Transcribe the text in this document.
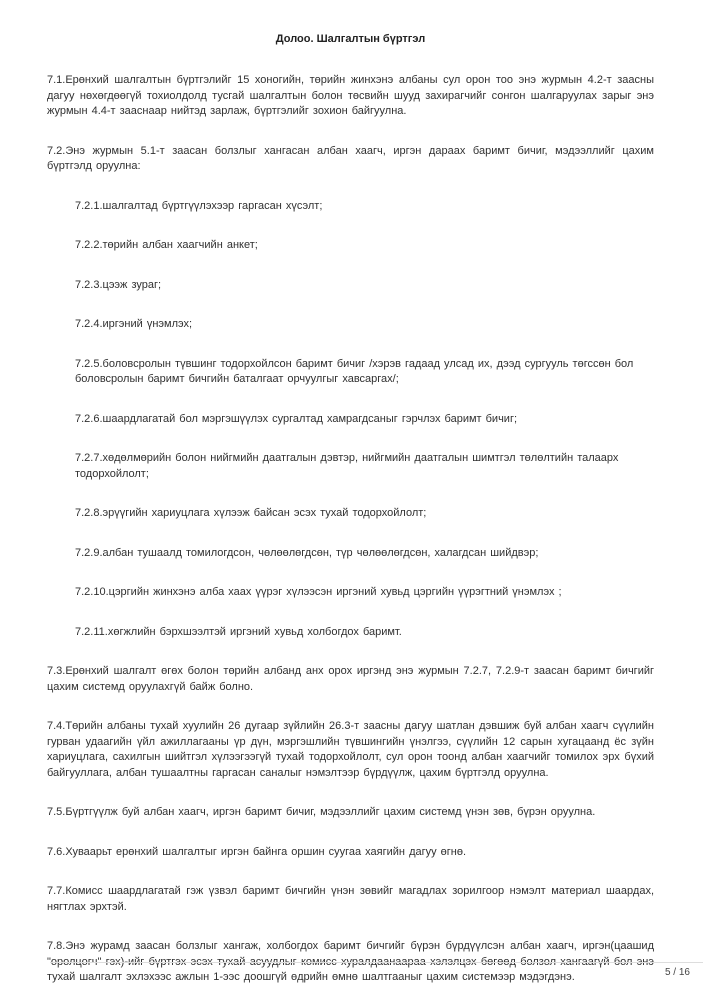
Долоо. Шалгалтын бүртгэл

7.1.Ерөнхий шалгалтын бүртгэлийг 15 хоногийн, төрийн жинхэнэ албаны сул орон тоо энэ журмын 4.2-т заасны дагуу нөхөгдөөгүй тохиолдолд тусгай шалгалтын болон төсвийн шууд захирагчийг сонгон шалгаруулах зарыг энэ журмын 4.4-т зааснаар нийтэд зарлаж, бүртгэлийг зохион байгуулна.

7.2.Энэ журмын 5.1-т заасан болзлыг хангасан албан хаагч, иргэн дараах баримт бичиг, мэдээллийг цахим бүртгэлд оруулна:

7.2.1.шалгалтад бүртгүүлэхээр гаргасан хүсэлт;

7.2.2.төрийн албан хаагчийн анкет;

7.2.3.цээж зураг;

7.2.4.иргэний үнэмлэх;

7.2.5.боловсролын түвшинг тодорхойлсон баримт бичиг /хэрэв гадаад улсад их, дээд сургууль төгссөн бол боловсролын баримт бичгийн баталгаат орчуулгыг хавсаргах/;

7.2.6.шаардлагатай бол мэргэшүүлэх сургалтад хамрагдсаныг гэрчлэх баримт бичиг;

7.2.7.хөдөлмөрийн болон нийгмийн даатгалын дэвтэр, нийгмийн даатгалын шимтгэл төлөлтийн талаарх тодорхойлолт;

7.2.8.эрүүгийн хариуцлага хүлээж байсан эсэх тухай тодорхойлолт;

7.2.9.албан тушаалд томилогдсон, чөлөөлөгдсөн, түр чөлөөлөгдсөн, халагдсан шийдвэр;

7.2.10.цэргийн жинхэнэ алба хаах үүрэг хүлээсэн иргэний хувьд цэргийн үүрэгтний үнэмлэх ;

7.2.11.хөгжлийн бэрхшээлтэй иргэний хувьд холбогдох баримт.

7.3.Ерөнхий шалгалт өгөх болон төрийн албанд анх орох иргэнд энэ журмын 7.2.7, 7.2.9-т заасан баримт бичгийг цахим системд оруулахгүй байж болно.

7.4.Төрийн албаны тухай хуулийн 26 дугаар зүйлийн 26.3-т заасны дагуу шатлан дэвшиж буй албан хаагч сүүлийн гурван удаагийн үйл ажиллагааны үр дүн, мэргэшлийн түвшингийн үнэлгээ, сүүлийн 12 сарын хугацаанд ёс зүйн хариуцлага, сахилгын шийтгэл хүлээгээгүй тухай тодорхойлолт, сул орон тоонд албан хаагчийг томилох эрх бүхий байгууллага, албан тушаалтны гаргасан саналыг нэмэлтээр бүрдүүлж, цахим бүртгэлд оруулна.

7.5.Бүртгүүлж буй албан хаагч, иргэн баримт бичиг, мэдээллийг цахим системд үнэн зөв, бүрэн оруулна.

7.6.Хуваарьт ерөнхий шалгалтыг иргэн байнга оршин суугаа хаягийн дагуу өгнө.

7.7.Комисс шаардлагатай гэж үзвэл баримт бичгийн үнэн зөвийг магадлах зорилгоор нэмэлт материал шаардах, нягтлах эрхтэй.

7.8.Энэ журамд заасан болзлыг хангаж, холбогдох баримт бичгийг бүрэн бүрдүүлсэн албан хаагч, иргэн(цаашид "оролцогч" гэх)-ийг бүртгэх эсэх тухай асуудлыг комисс хуралдаанаараа хэлэлцэх бөгөөд болзол хангаагүй бол энэ тухай шалгалт эхлэхээс ажлын 1-ээс доошгүй өдрийн өмнө шалтгааныг цахим системээр мэдэгдэнэ.	5 / 16
